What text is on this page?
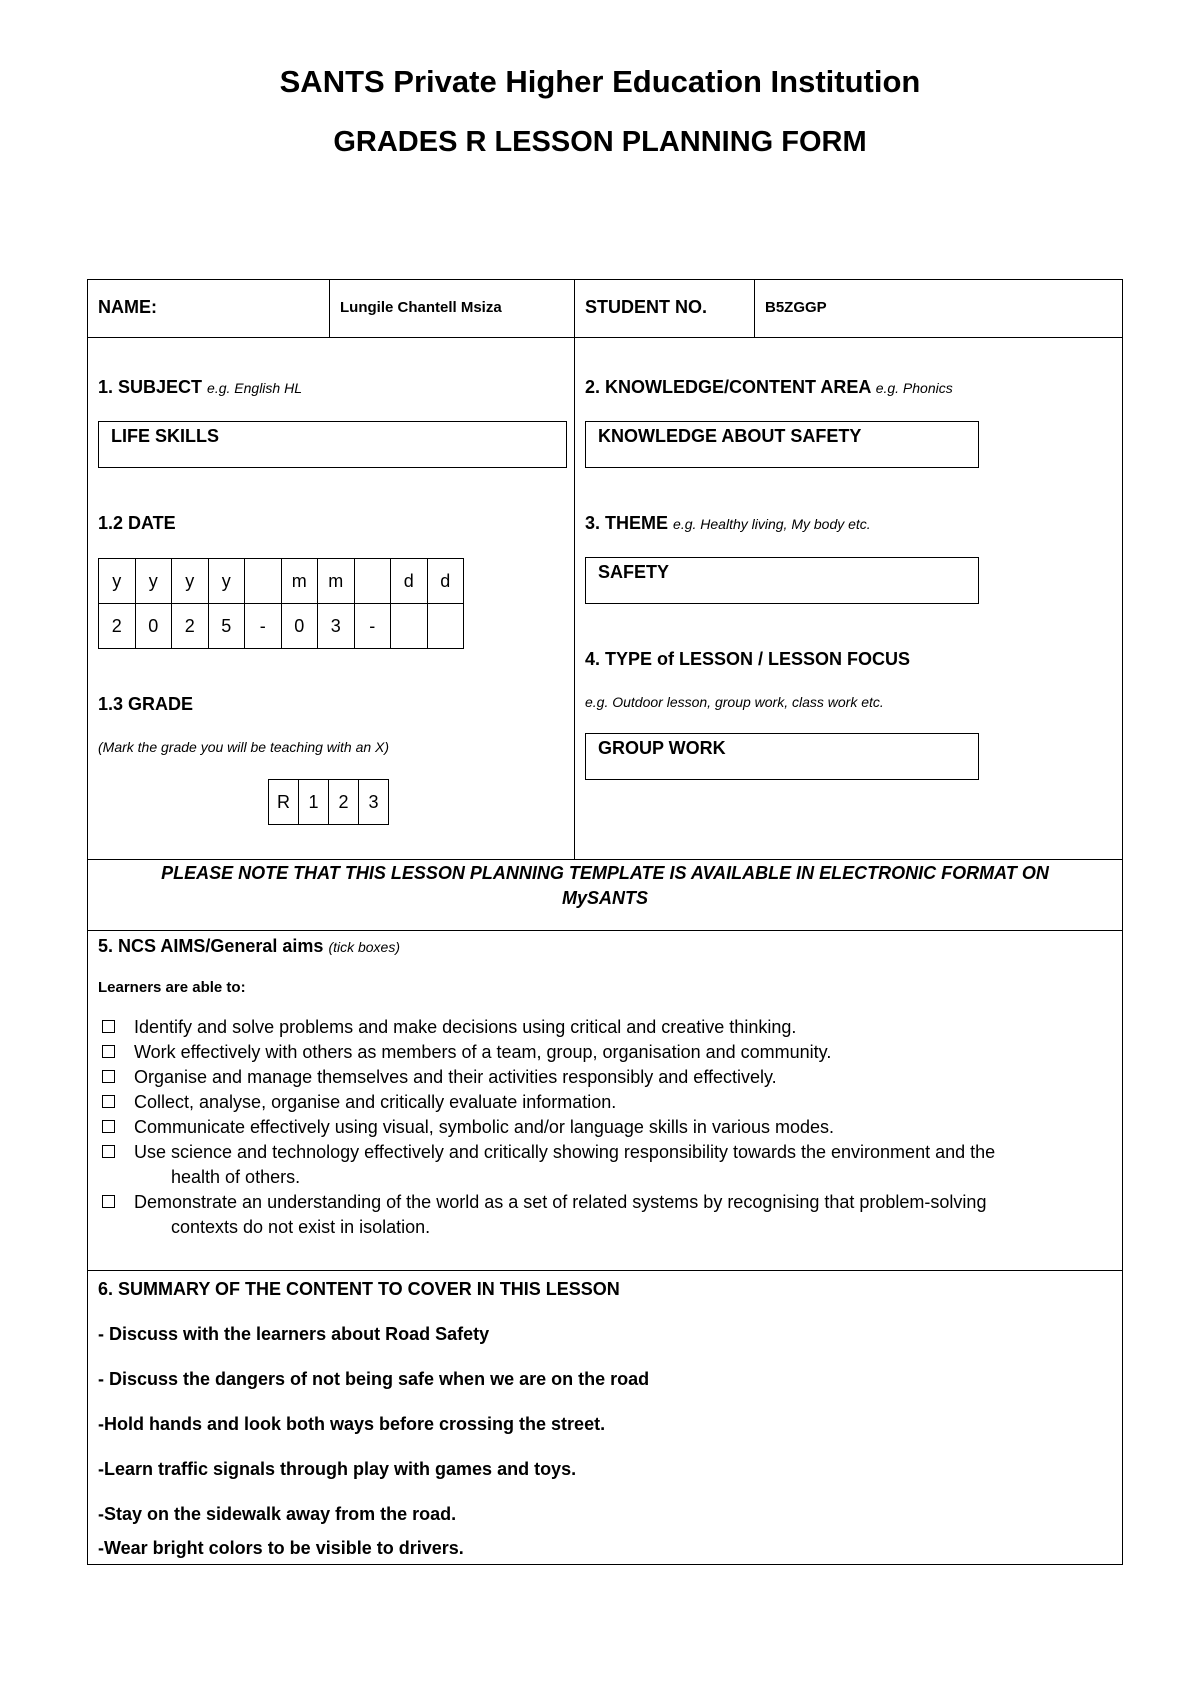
SANTS Private Higher Education Institution
GRADES R LESSON PLANNING FORM
NAME:	Lungile Chantell Msiza	STUDENT NO.	B5ZGGP
1. SUBJECT e.g. English HL
LIFE SKILLS
2. KNOWLEDGE/CONTENT AREA e.g. Phonics
KNOWLEDGE ABOUT SAFETY
1.2 DATE
y	y	y	y		m	m		d	d
2	0	2	5	-	0	3	-		
3. THEME e.g. Healthy living, My body etc.
SAFETY
4. TYPE of LESSON / LESSON FOCUS
e.g. Outdoor lesson, group work, class work etc.
GROUP WORK
1.3 GRADE
(Mark the grade you will be teaching with an X)
R	1	2	3
PLEASE NOTE THAT THIS LESSON PLANNING TEMPLATE IS AVAILABLE IN ELECTRONIC FORMAT ON
MySANTS
5. NCS AIMS/General aims (tick boxes)
Learners are able to:
Identify and solve problems and make decisions using critical and creative thinking.
Work effectively with others as members of a team, group, organisation and community.
Organise and manage themselves and their activities responsibly and effectively.
Collect, analyse, organise and critically evaluate information.
Communicate effectively using visual, symbolic and/or language skills in various modes.
Use science and technology effectively and critically showing responsibility towards the environment and the
health of others.
Demonstrate an understanding of the world as a set of related systems by recognising that problem-solving
contexts do not exist in isolation.
6. SUMMARY OF THE CONTENT TO COVER IN THIS LESSON
- Discuss with the learners about Road Safety
- Discuss the dangers of not being safe when we are on the road
-Hold hands and look both ways before crossing the street.
-Learn traffic signals through play with games and toys.
-Stay on the sidewalk away from the road.
-Wear bright colors to be visible to drivers.
